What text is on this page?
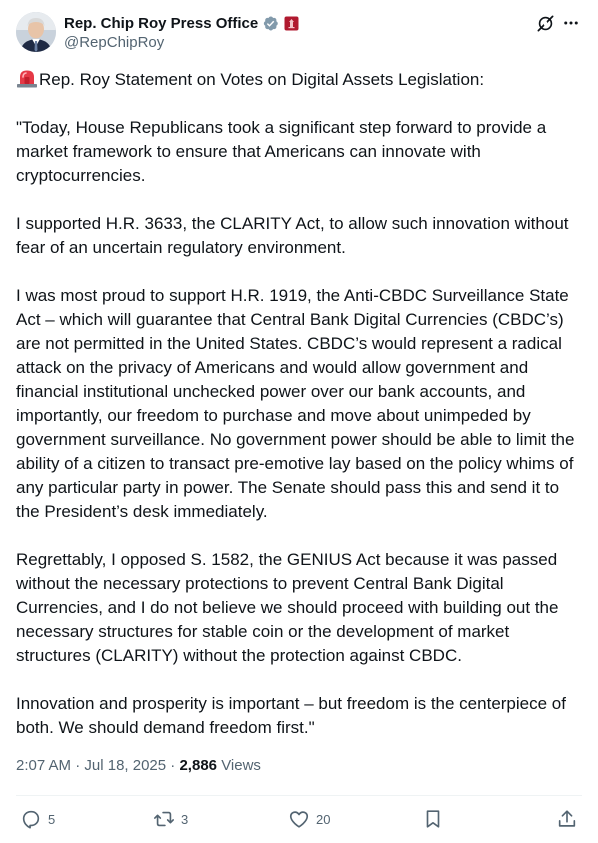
Rep. Chip Roy Press Office
@RepChipRoy
Rep. Roy Statement on Votes on Digital Assets Legislation:
"Today, House Republicans took a significant step forward to provide a market framework to ensure that Americans can innovate with cryptocurrencies.
I supported H.R. 3633, the CLARITY Act, to allow such innovation without fear of an uncertain regulatory environment.
I was most proud to support H.R. 1919, the Anti-CBDC Surveillance State Act – which will guarantee that Central Bank Digital Currencies (CBDC’s) are not permitted in the United States. CBDC’s would represent a radical attack on the privacy of Americans and would allow government and financial institutional unchecked power over our bank accounts, and importantly, our freedom to purchase and move about unimpeded by government surveillance. No government power should be able to limit the ability of a citizen to transact pre-emotive lay based on the policy whims of any particular party in power. The Senate should pass this and send it to the President’s desk immediately.
Regrettably, I opposed S. 1582, the GENIUS Act because it was passed without the necessary protections to prevent Central Bank Digital Currencies, and I do not believe we should proceed with building out the necessary structures for stable coin or the development of market structures (CLARITY) without the protection against CBDC.
Innovation and prosperity is important – but freedom is the centerpiece of both. We should demand freedom first."
2:07 AM · Jul 18, 2025 · 2,886 Views
5	3	20
